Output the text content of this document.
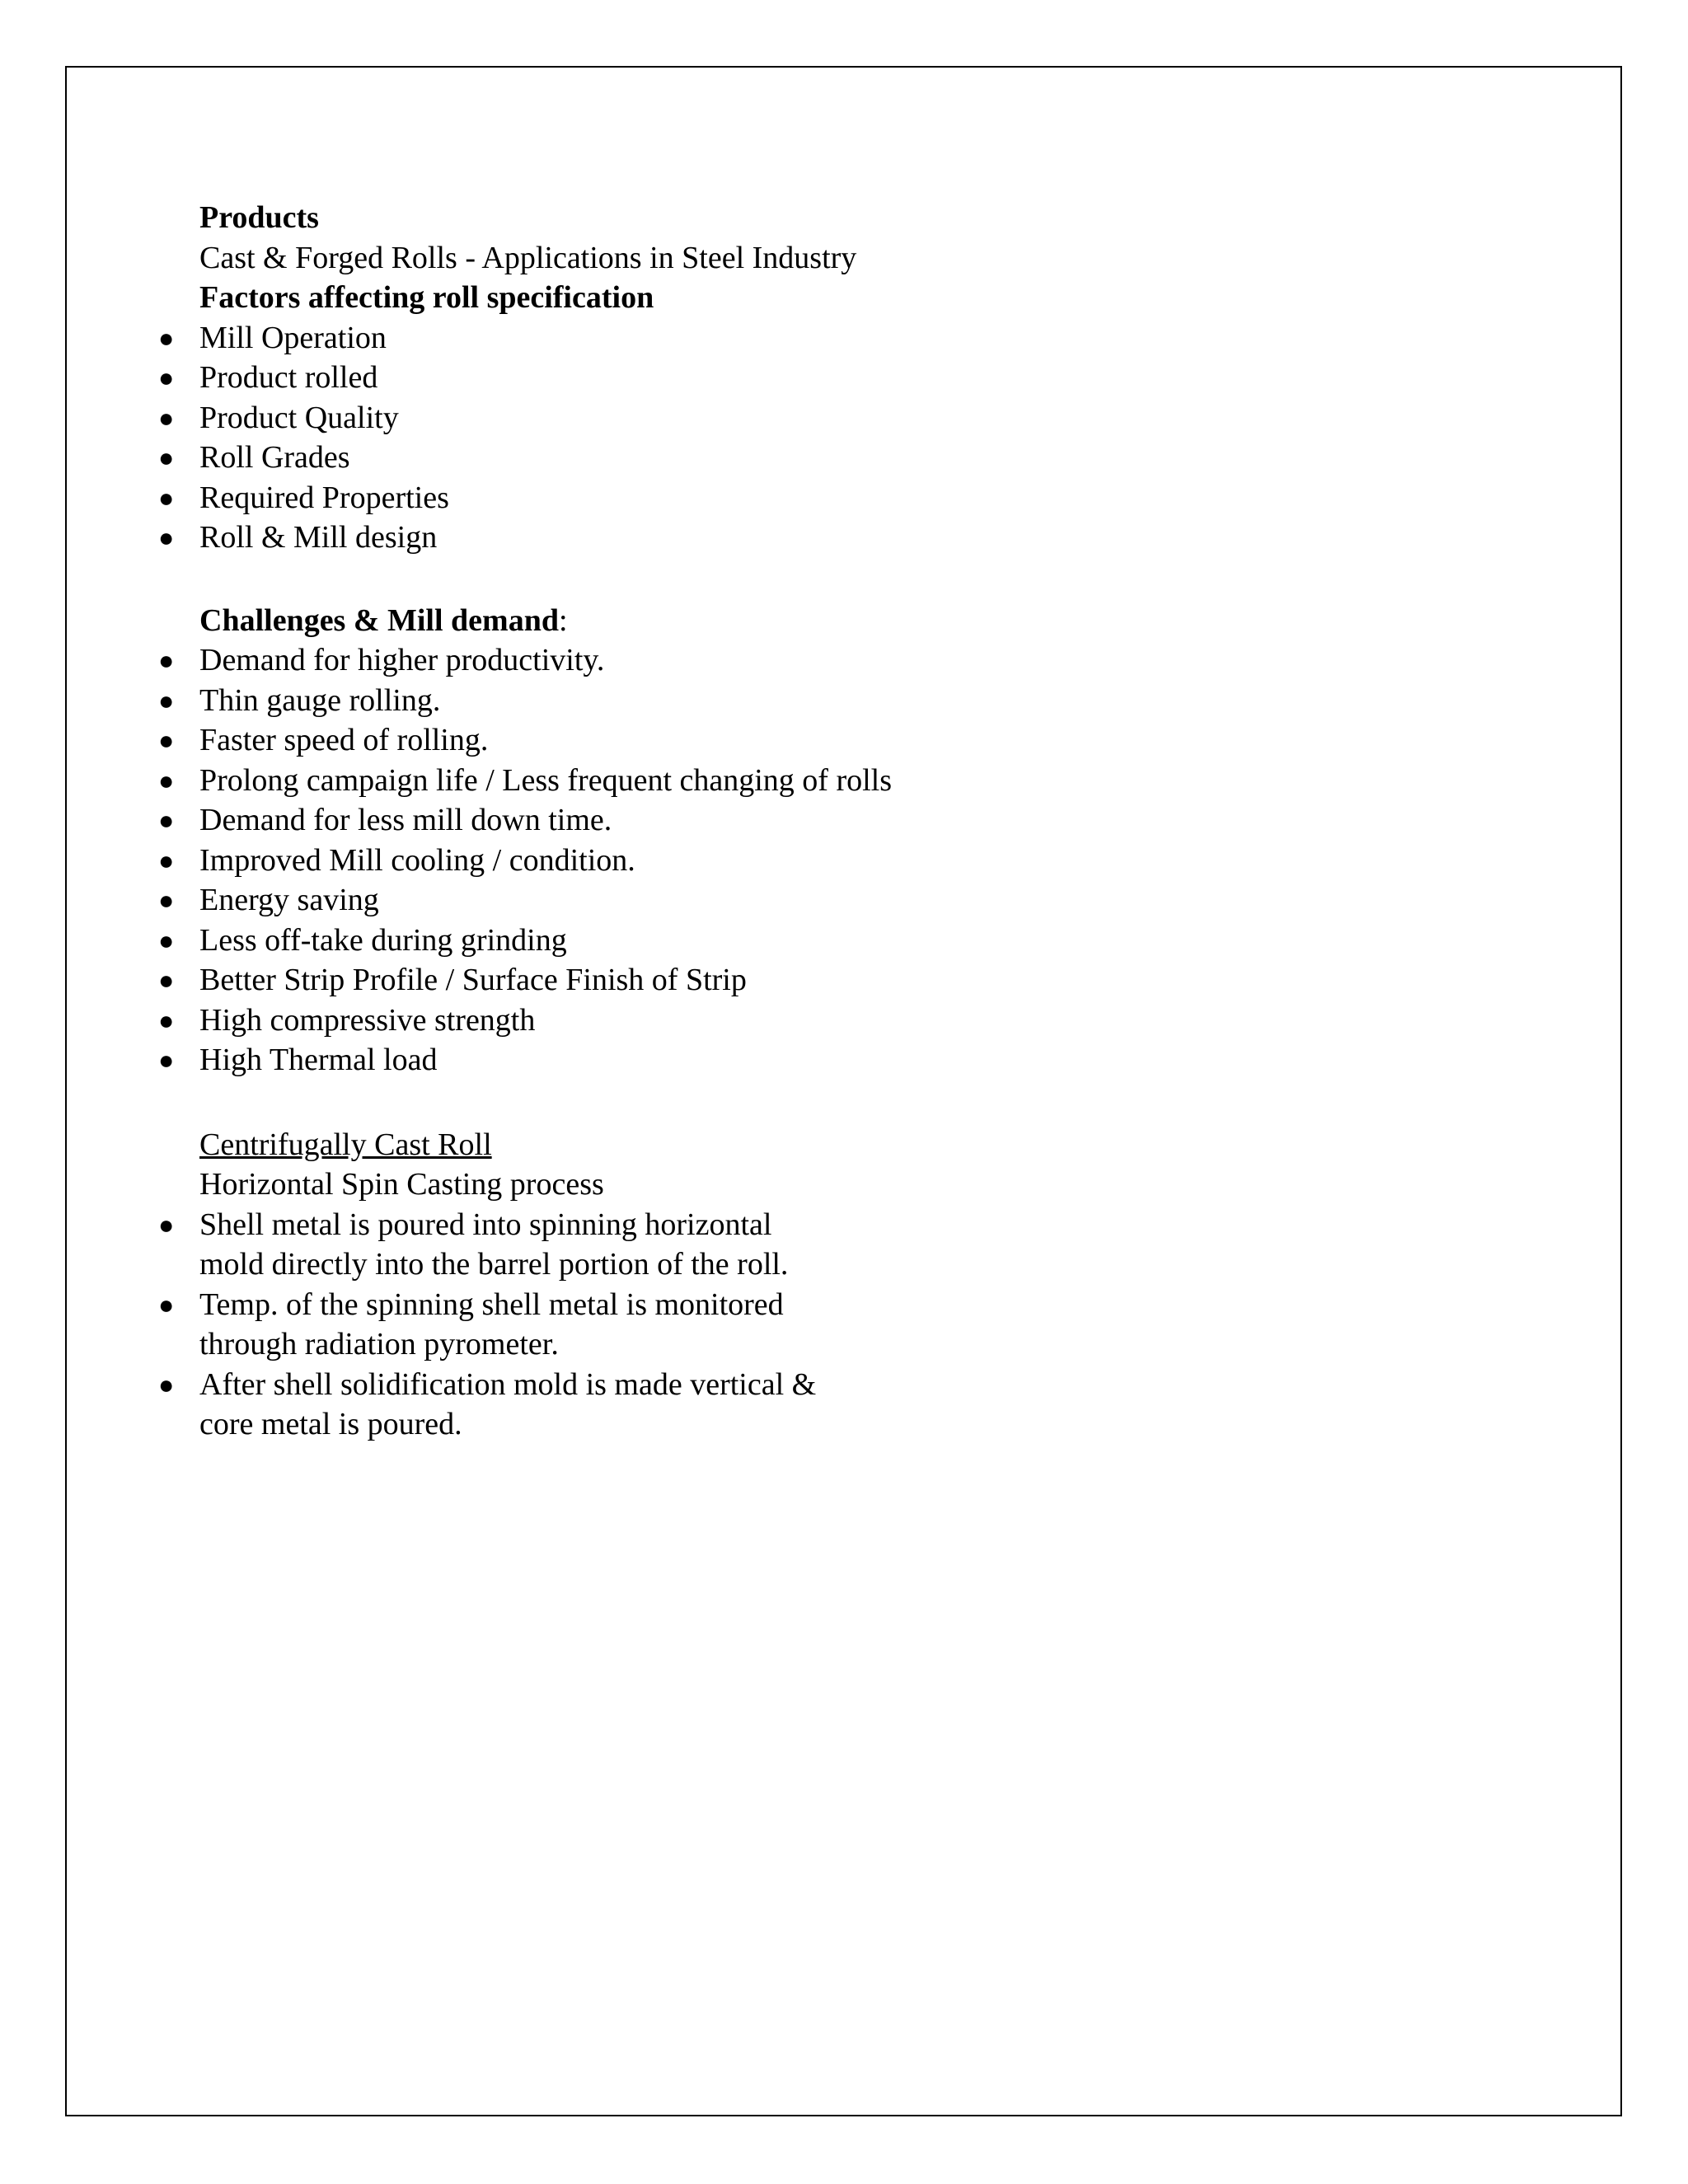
Products

Cast & Forged Rolls - Applications in Steel Industry

Factors affecting roll specification

● Mill Operation
● Product rolled
● Product Quality
● Roll Grades
● Required Properties
● Roll & Mill design

Challenges & Mill demand:

● Demand for higher productivity.
● Thin gauge rolling.
● Faster speed of rolling.
● Prolong campaign life / Less frequent changing of rolls
● Demand for less mill down time.
● Improved Mill cooling / condition.
● Energy saving
● Less off-take during grinding
● Better Strip Profile / Surface Finish of Strip
● High compressive strength
● High Thermal load

Centrifugally Cast Roll

Horizontal Spin Casting process

● Shell metal is poured into spinning horizontal
mold directly into the barrel portion of the roll.
● Temp. of the spinning shell metal is monitored
through radiation pyrometer.
● After shell solidification mold is made vertical &
core metal is poured.
